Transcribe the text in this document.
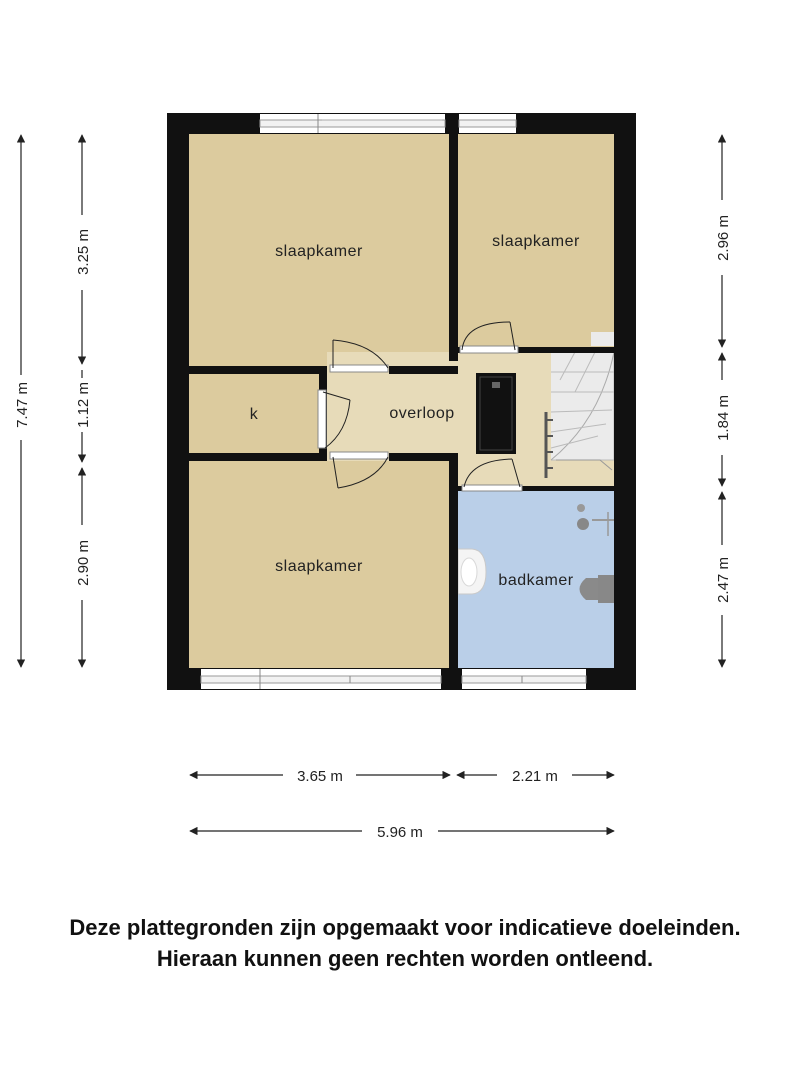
slaapkamer
slaapkamer
k	overloop
slaapkamer
badkamer
7.47 m
3.25 m
1.12 m
2.90 m
2.96 m
1.84 m
2.47 m
3.65 m	2.21 m
5.96 m
Deze plattegronden zijn opgemaakt voor indicatieve doeleinden.
Hieraan kunnen geen rechten worden ontleend.
